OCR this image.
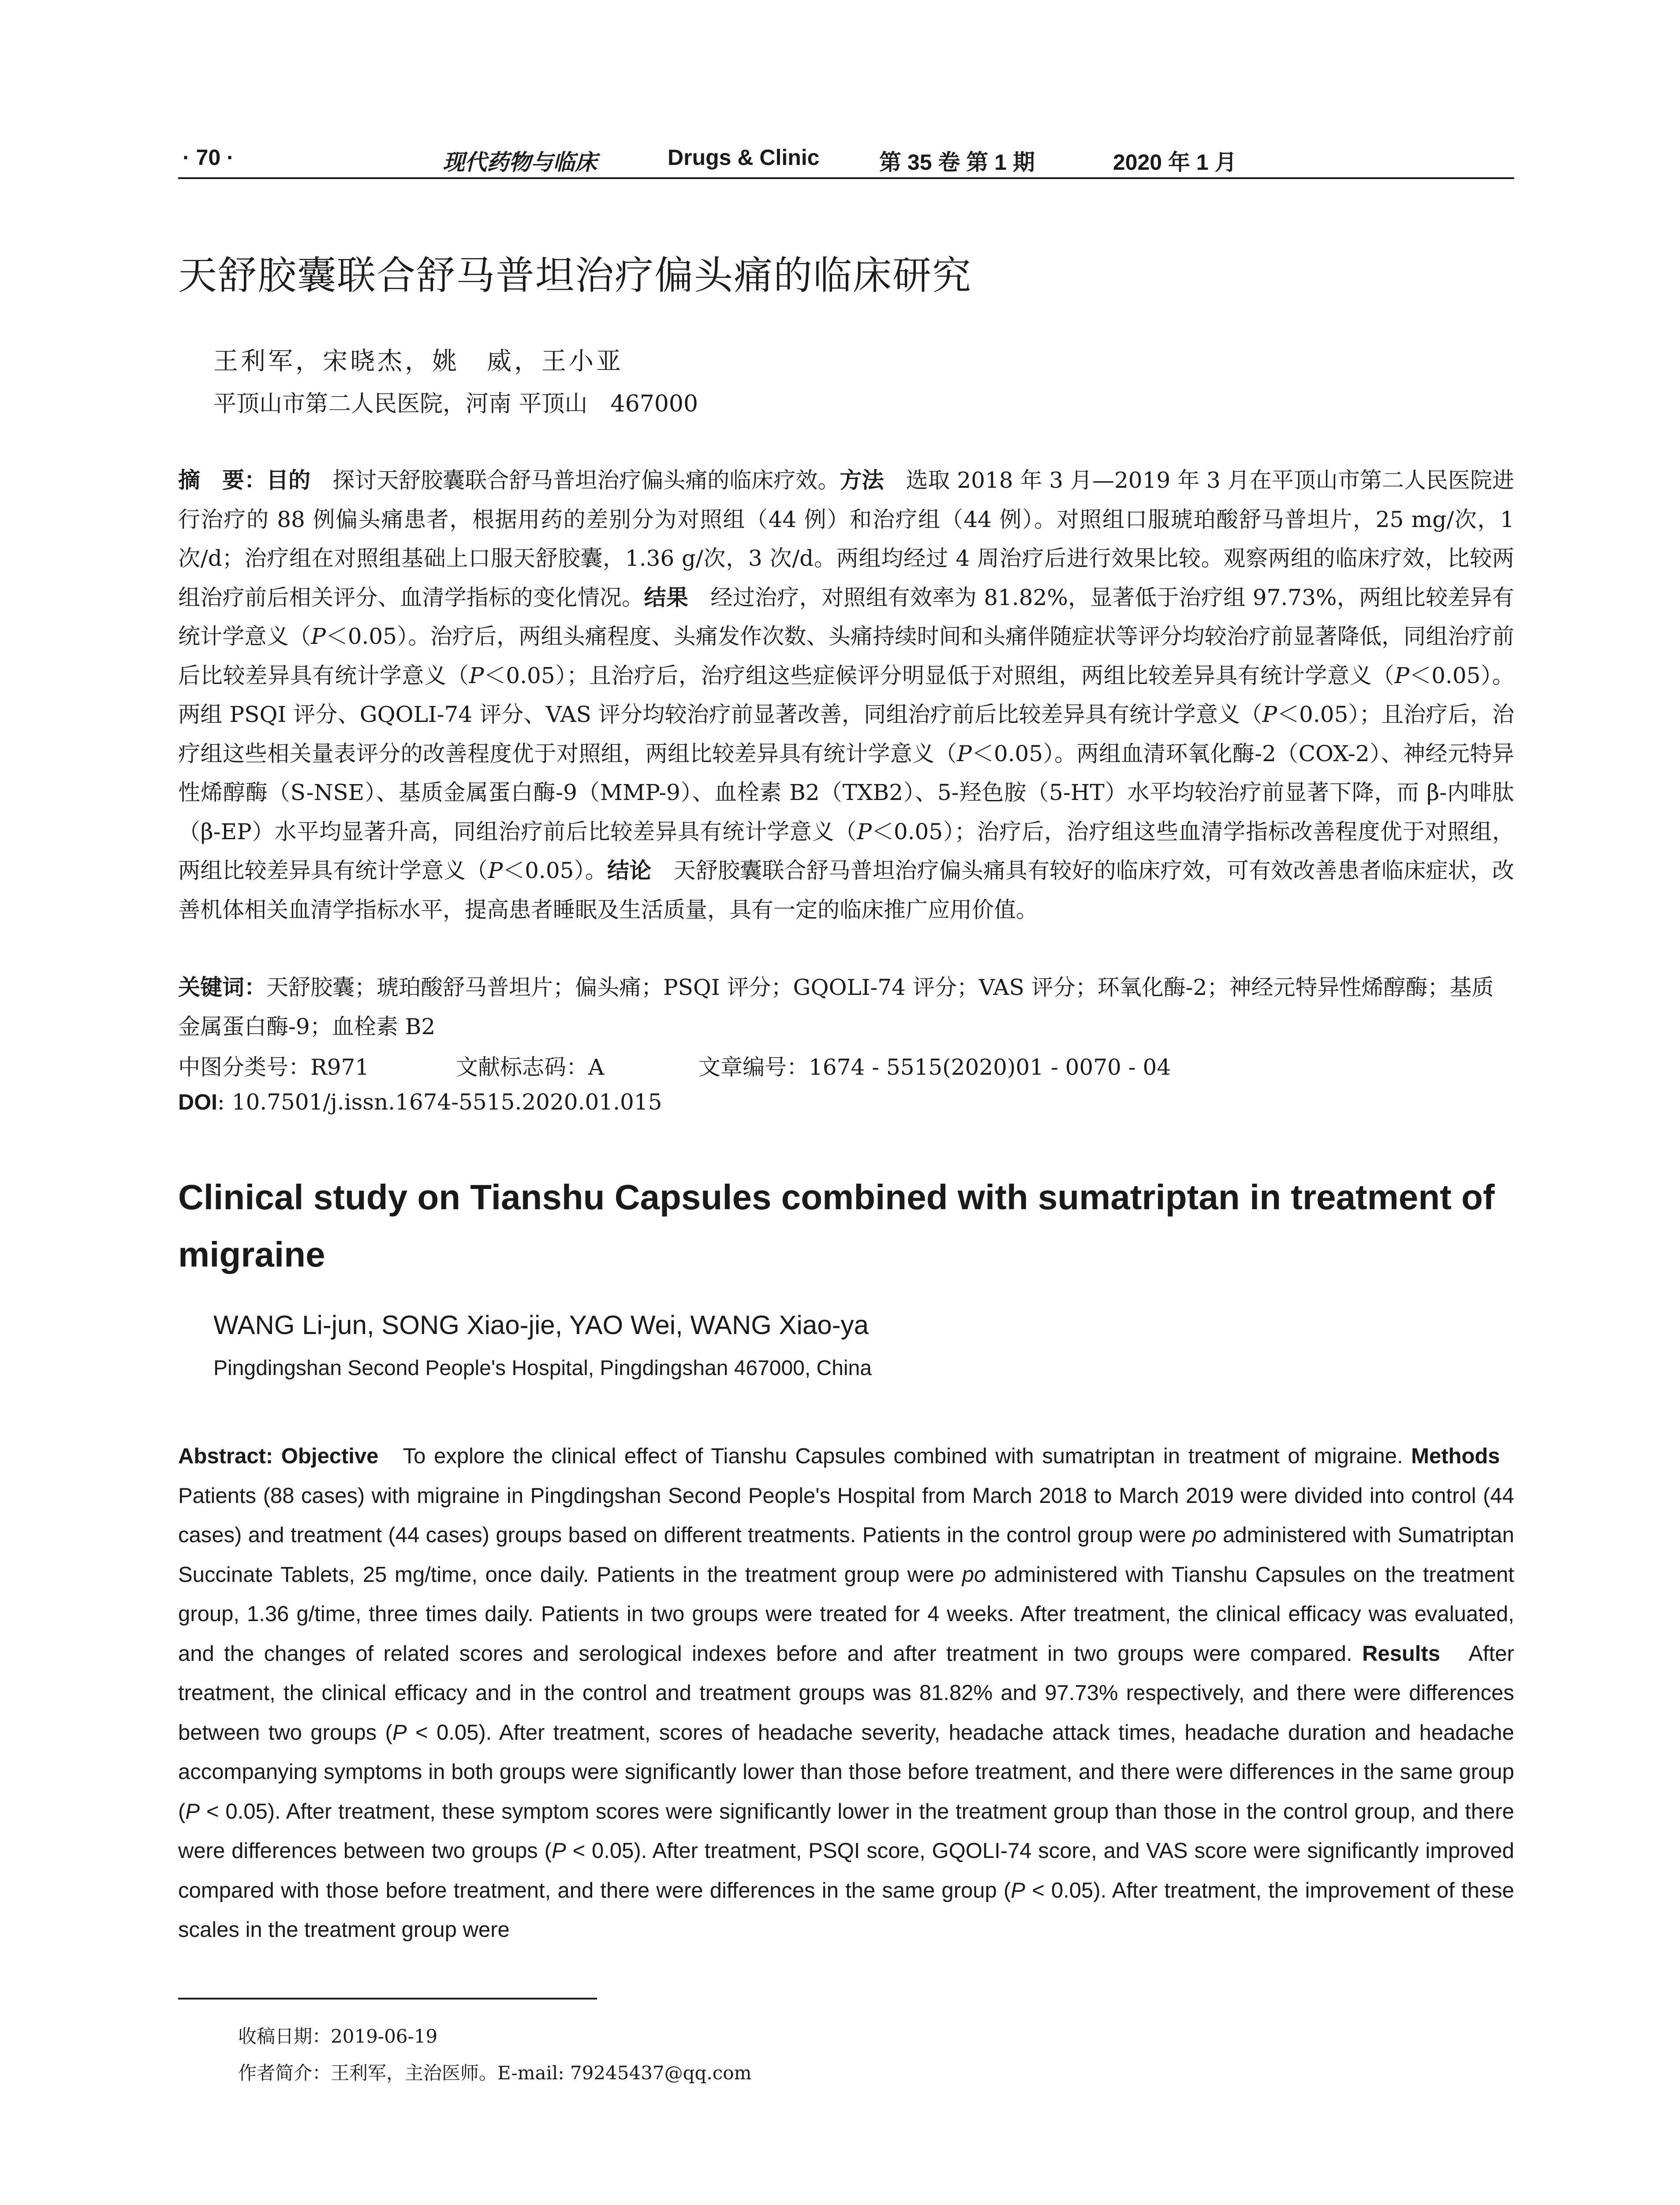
· 70 ·	现代药物与临床	Drugs & Clinic	第 35 卷 第 1 期	2020 年 1 月
天舒胶囊联合舒马普坦治疗偏头痛的临床研究
王利军，宋晓杰，姚　威，王小亚
平顶山市第二人民医院，河南 平顶山　467000
摘　要：目的　探讨天舒胶囊联合舒马普坦治疗偏头痛的临床疗效。方法　选取 2018 年 3 月—2019 年 3 月在平顶山市第二人民医院进行治疗的 88 例偏头痛患者，根据用药的差别分为对照组（44 例）和治疗组（44 例）。对照组口服琥珀酸舒马普坦片，25 mg/次，1 次/d；治疗组在对照组基础上口服天舒胶囊，1.36 g/次，3 次/d。两组均经过 4 周治疗后进行效果比较。观察两组的临床疗效，比较两组治疗前后相关评分、血清学指标的变化情况。结果　经过治疗，对照组有效率为 81.82%，显著低于治疗组 97.73%，两组比较差异有统计学意义（P＜0.05）。治疗后，两组头痛程度、头痛发作次数、头痛持续时间和头痛伴随症状等评分均较治疗前显著降低，同组治疗前后比较差异具有统计学意义（P＜0.05）；且治疗后，治疗组这些症候评分明显低于对照组，两组比较差异具有统计学意义（P＜0.05）。两组 PSQI 评分、GQOLI-74 评分、VAS 评分均较治疗前显著改善，同组治疗前后比较差异具有统计学意义（P＜0.05）；且治疗后，治疗组这些相关量表评分的改善程度优于对照组，两组比较差异具有统计学意义（P＜0.05）。两组血清环氧化酶-2（COX-2）、神经元特异性烯醇酶（S-NSE）、基质金属蛋白酶-9（MMP-9）、血栓素 B2（TXB2）、5-羟色胺（5-HT）水平均较治疗前显著下降，而 β-内啡肽（β-EP）水平均显著升高，同组治疗前后比较差异具有统计学意义（P＜0.05）；治疗后，治疗组这些血清学指标改善程度优于对照组，两组比较差异具有统计学意义（P＜0.05）。结论　天舒胶囊联合舒马普坦治疗偏头痛具有较好的临床疗效，可有效改善患者临床症状，改善机体相关血清学指标水平，提高患者睡眠及生活质量，具有一定的临床推广应用价值。
关键词：天舒胶囊；琥珀酸舒马普坦片；偏头痛；PSQI 评分；GQOLI-74 评分；VAS 评分；环氧化酶-2；神经元特异性烯醇酶；基质金属蛋白酶-9；血栓素 B2
中图分类号：R971	文献标志码：A	文章编号：1674 - 5515(2020)01 - 0070 - 04
DOI: 10.7501/j.issn.1674-5515.2020.01.015
Clinical study on Tianshu Capsules combined with sumatriptan in treatment of migraine
WANG Li-jun, SONG Xiao-jie, YAO Wei, WANG Xiao-ya
Pingdingshan Second People's Hospital, Pingdingshan 467000, China
Abstract: Objective To explore the clinical effect of Tianshu Capsules combined with sumatriptan in treatment of migraine. Methods   Patients (88 cases) with migraine in Pingdingshan Second People's Hospital from March 2018 to March 2019 were divided into control (44 cases) and treatment (44 cases) groups based on different treatments. Patients in the control group were po administered with Sumatriptan Succinate Tablets, 25 mg/time, once daily. Patients in the treatment group were po administered with Tianshu Capsules on the treatment group, 1.36 g/time, three times daily. Patients in two groups were treated for 4 weeks. After treatment, the clinical efficacy was evaluated, and the changes of related scores and serological indexes before and after treatment in two groups were compared. Results After treatment, the clinical efficacy and in the control and treatment groups was 81.82% and 97.73% respectively, and there were differences between two groups (P < 0.05). After treatment, scores of headache severity, headache attack times, headache duration and headache accompanying symptoms in both groups were significantly lower than those before treatment, and there were differences in the same group (P < 0.05). After treatment, these symptom scores were significantly lower in the treatment group than those in the control group, and there were differences between two groups (P < 0.05). After treatment, PSQI score, GQOLI-74 score, and VAS score were significantly improved compared with those before treatment, and there were differences in the same group (P < 0.05). After treatment, the improvement of these scales in the treatment group were
收稿日期：2019-06-19
作者简介：王利军，主治医师。E-mail: 79245437@qq.com
